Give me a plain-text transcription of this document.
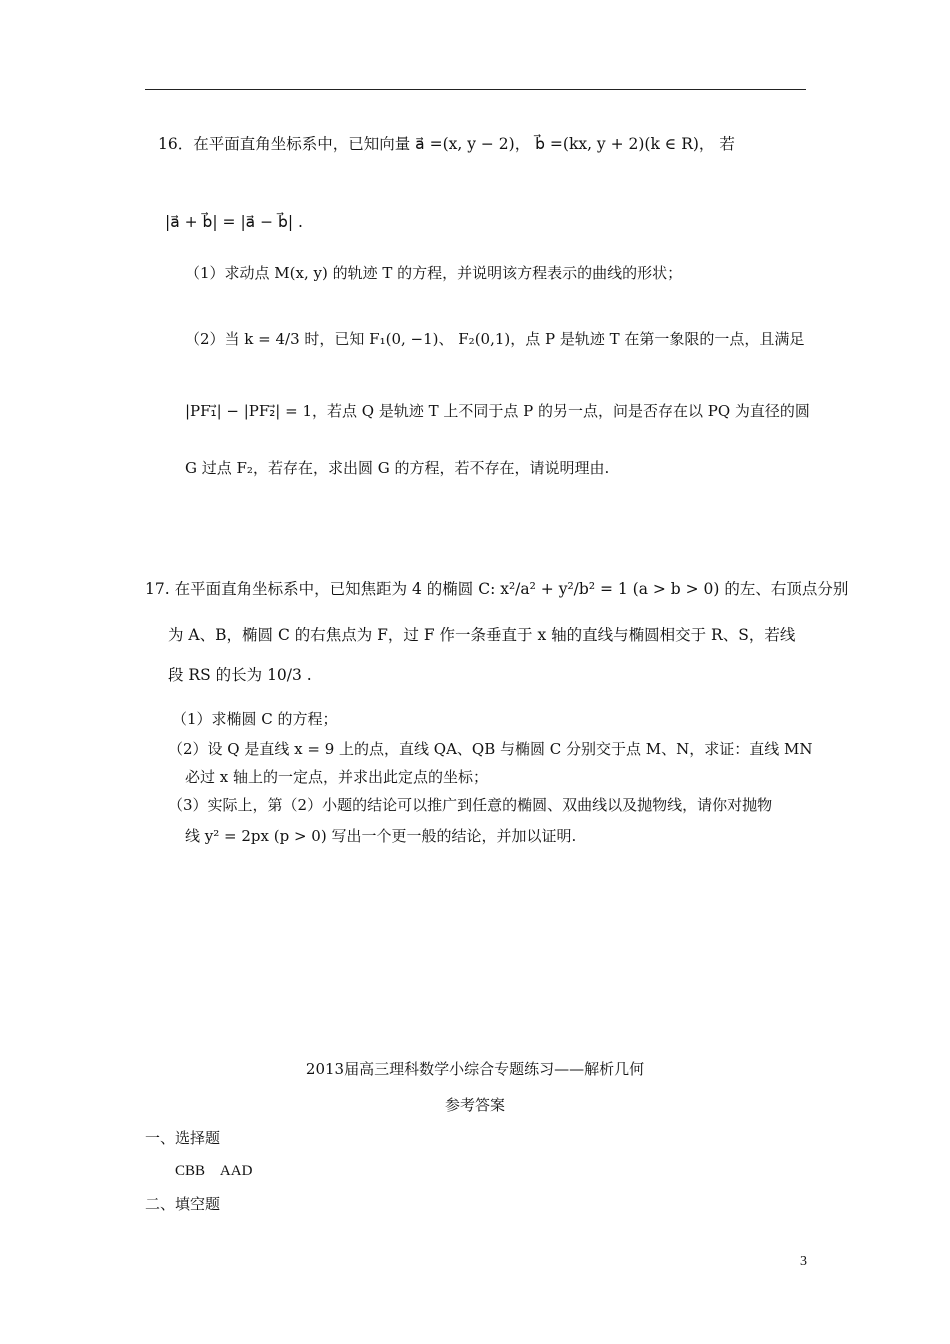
16．在平面直角坐标系中，已知向量 a⃗ =(x, y − 2)， b⃗ =(kx, y + 2)(k ∈ R)， 若
|a⃗ + b⃗| = |a⃗ − b⃗| .
（1）求动点 M(x, y) 的轨迹 T 的方程，并说明该方程表示的曲线的形状；
（2）当 k = 4/3 时，已知 F₁(0, −1)、 F₂(0,1)，点 P 是轨迹 T 在第一象限的一点，且满足
|PF₁⃗| − |PF₂⃗| = 1，若点 Q 是轨迹 T 上不同于点 P 的另一点，问是否存在以 PQ 为直径的圆
G 过点 F₂，若存在，求出圆 G 的方程，若不存在，请说明理由.
17. 在平面直角坐标系中，已知焦距为 4 的椭圆 C: x²/a² + y²/b² = 1 (a > b > 0) 的左、右顶点分别
为 A、B，椭圆 C 的右焦点为 F，过 F 作一条垂直于 x 轴的直线与椭圆相交于 R、S，若线
段 RS 的长为 10/3 .
（1）求椭圆 C 的方程；
（2）设 Q 是直线 x = 9 上的点，直线 QA、QB 与椭圆 C 分别交于点 M、N，求证：直线 MN
必过 x 轴上的一定点，并求出此定点的坐标；
（3）实际上，第（2）小题的结论可以推广到任意的椭圆、双曲线以及抛物线，请你对抛物
线 y² = 2px (p > 0) 写出一个更一般的结论，并加以证明.
2013届高三理科数学小综合专题练习——解析几何
参考答案
一、选择题
CBB AAD
二、填空题
3
